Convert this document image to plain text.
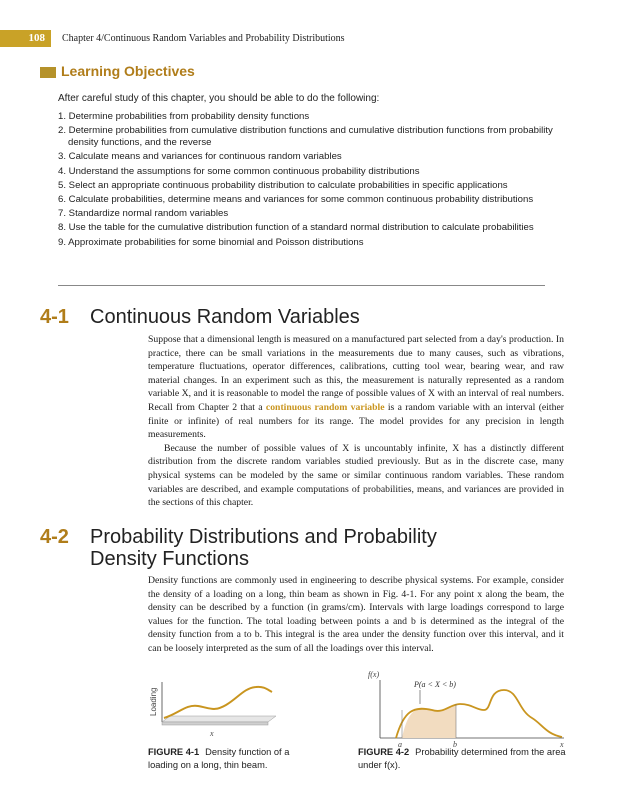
108	Chapter 4/Continuous Random Variables and Probability Distributions
Learning Objectives
After careful study of this chapter, you should be able to do the following:
1. Determine probabilities from probability density functions
2. Determine probabilities from cumulative distribution functions and cumulative distribution functions from probability density functions, and the reverse
3. Calculate means and variances for continuous random variables
4. Understand the assumptions for some common continuous probability distributions
5. Select an appropriate continuous probability distribution to calculate probabilities in specific applications
6. Calculate probabilities, determine means and variances for some common continuous probability distributions
7. Standardize normal random variables
8. Use the table for the cumulative distribution function of a standard normal distribution to calculate probabilities
9. Approximate probabilities for some binomial and Poisson distributions
4-1 Continuous Random Variables

Suppose that a dimensional length is measured on a manufactured part selected from a day's production. In practice, there can be small variations in the measurements due to many causes, such as vibrations, temperature fluctuations, operator differences, calibrations, cutting tool wear, bearing wear, and raw material changes. In an experiment such as this, the measurement is naturally represented as a random variable X, and it is reasonable to model the range of possible values of X with an interval of real numbers. Recall from Chapter 2 that a continuous random variable is a random variable with an interval (either finite or infinite) of real numbers for its range. The model provides for any precision in length measurements.

Because the number of possible values of X is uncountably infinite, X has a distinctly different distribution from the discrete random variables studied previously. But as in the discrete case, many physical systems can be modeled by the same or similar continuous random variables. These random variables are described, and example computations of probabilities, means, and variances are provided in the sections of this chapter.

4-2 Probability Distributions and Probability
Density Functions

Density functions are commonly used in engineering to describe physical systems. For example, consider the density of a loading on a long, thin beam as shown in Fig. 4-1. For any point x along the beam, the density can be described by a function (in grams/cm). Intervals with large loadings correspond to large values for the function. The total loading between points a and b is determined as the integral of the density function from a to b. This integral is the area under the density function over this interval, and it can be loosely interpreted as the sum of all the loadings over this interval.

Loading
x
FIGURE 4-1 Density function of a loading on a long, thin beam.
f(x)
P(a < X < b)
a	b	x
FIGURE 4-2 Probability determined from the area under f(x).
